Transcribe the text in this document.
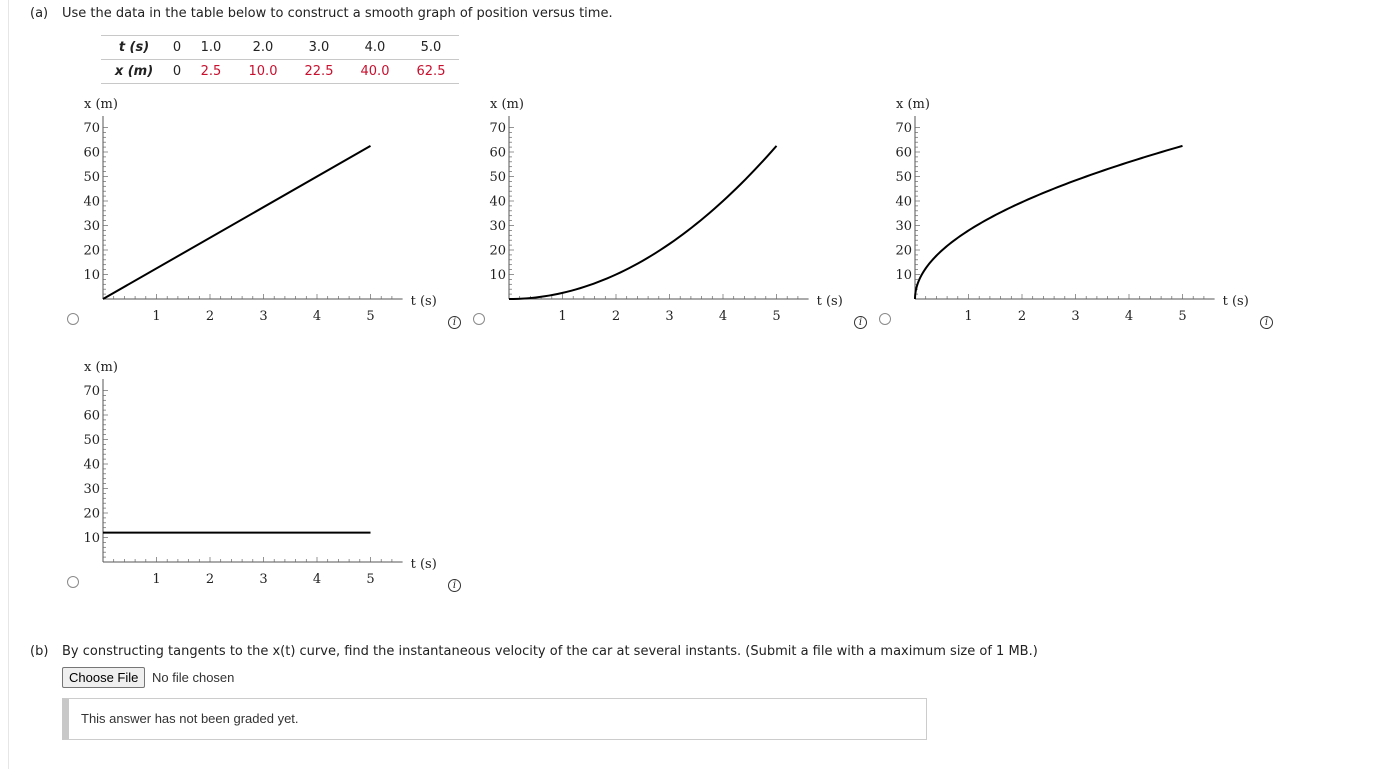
(a) Use the data in the table below to construct a smooth graph of position versus time.
t (s)	0	1.0	2.0	3.0	4.0	5.0
x (m)	0	2.5	10.0	22.5	40.0	62.5
70
60
50
40
30
20
10
1	2	3	4	5
x (m)
t (s)
70
60
50
40
30
20
10
1	2	3	4	5
x (m)
t (s)
70
60
50
40
30
20
10
1	2	3	4	5
x (m)
t (s)
70
60
50
40
30
20
10
1	2	3	4	5
x (m)
t (s)
i	i	i
i
(b) By constructing tangents to the x(t) curve, find the instantaneous velocity of the car at several instants. (Submit a file with a maximum size of 1 MB.)
Choose File	No file chosen
This answer has not been graded yet.
